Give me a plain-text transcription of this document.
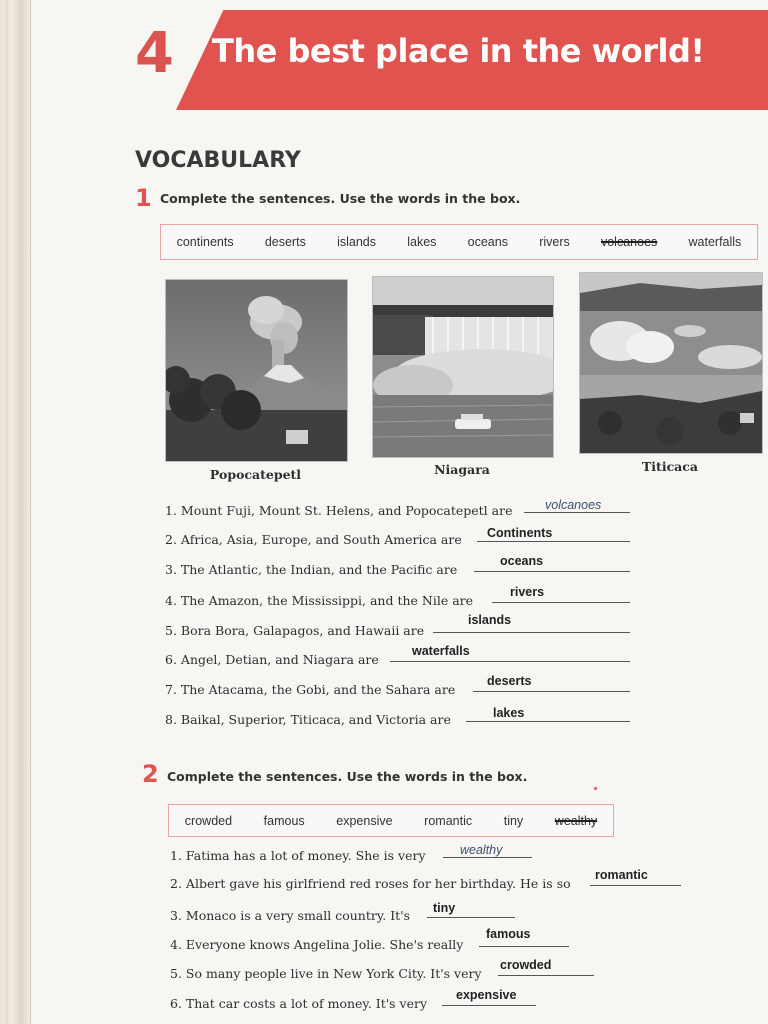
4 The best place in the world!
VOCABULARY
1 Complete the sentences. Use the words in the box.
continents deserts islands lakes oceans rivers volcanoes waterfalls
Popocatepetl	Niagara	Titicaca
1. Mount Fuji, Mount St. Helens, and Popocatepetl are	volcanoes
2. Africa, Asia, Europe, and South America are Continents
3. The Atlantic, the Indian, and the Pacific are
oceans
4. The Amazon, the Mississippi, and the Nile are
rivers
5. Bora Bora, Galapagos, and Hawaii are
islands
6. Angel, Detian, and Niagara are
waterfalls
7. The Atacama, the Gobi, and the Sahara are
deserts
8. Baikal, Superior, Titicaca, and Victoria are	lakes
2 Complete the sentences. Use the words in the box.
crowded	famous	expensive	romantic	tiny	wealthy
1. Fatima has a lot of money. She is very	wealthy
2. Albert gave his girlfriend red roses for her birthday. He is so
romantic
3. Monaco is a very small country. It's tiny
4. Everyone knows Angelina Jolie. She's really
famous
5. So many people live in New York City. It's very
crowded
6. That car costs a lot of money. It's very
expensive
